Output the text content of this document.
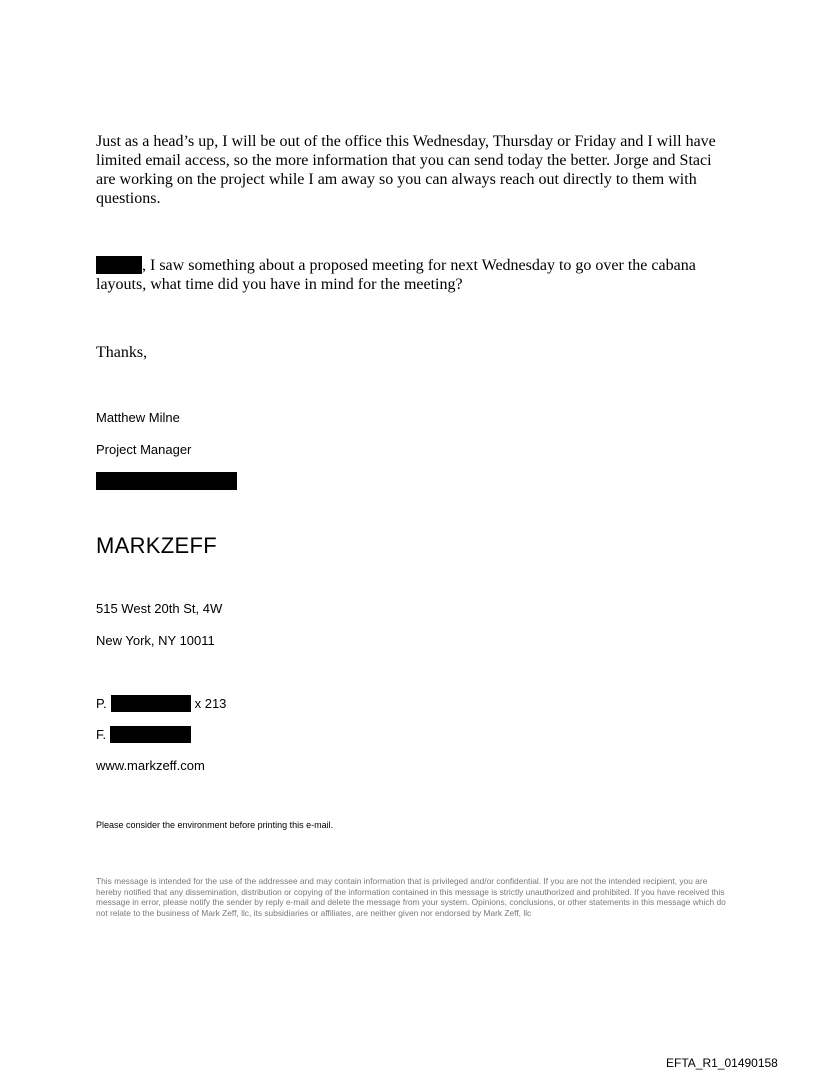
Just as a head’s up, I will be out of the office this Wednesday, Thursday or Friday and I will have limited email access, so the more information that you can send today the better. Jorge and Staci are working on the project while I am away so you can always reach out directly to them with questions.
, I saw something about a proposed meeting for next Wednesday to go over the cabana layouts, what time did you have in mind for the meeting?
Thanks,
Matthew Milne
Project Manager
MARKZEFF
515 West 20th St, 4W
New York, NY 10011
P.	x 213
F.
www.markzeff.com
Please consider the environment before printing this e-mail.
This message is intended for the use of the addressee and may contain information that is privileged and/or confidential. If you are not the intended recipient, you are hereby notified that any dissemination, distribution or copying of the information contained in this message is strictly unauthorized and prohibited. If you have received this message in error, please notify the sender by reply e-mail and delete the message from your system. Opinions, conclusions, or other statements in this message which do not relate to the business of Mark Zeff, llc, its subsidiaries or affiliates, are neither given nor endorsed by Mark Zeff, llc
EFTA_R1_01490158
